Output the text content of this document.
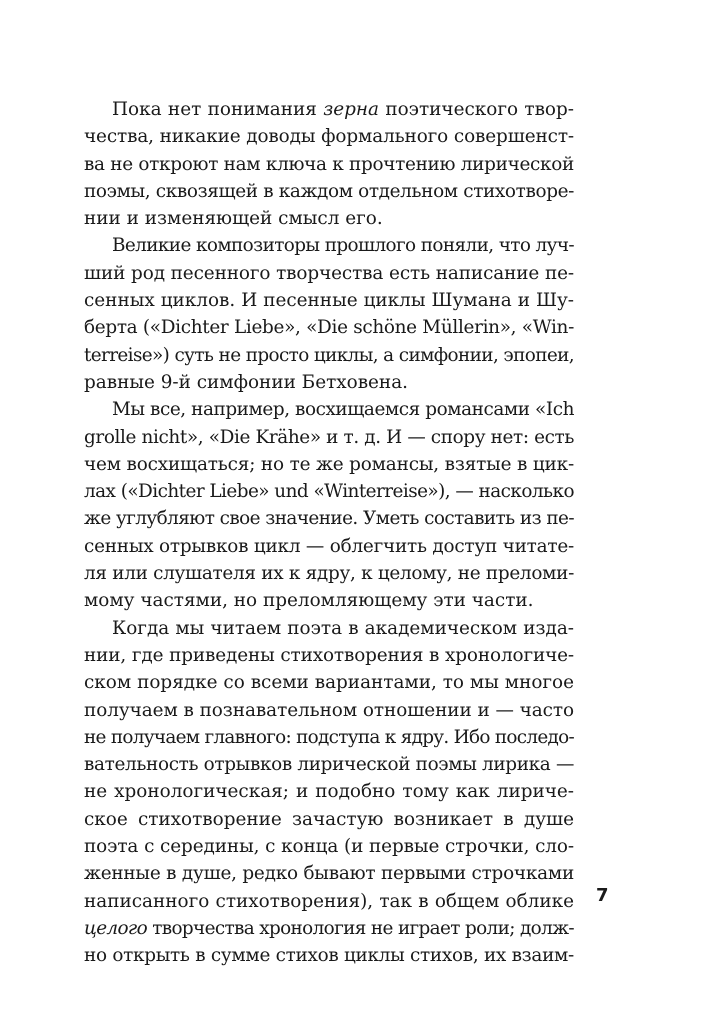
Пока нет понимания зерна поэтического твор-
чества, никакие доводы формального совершенст-
ва не откроют нам ключа к прочтению лирической
поэмы, сквозящей в каждом отдельном стихотворе-
нии и изменяющей смысл его.
Великие композиторы прошлого поняли, что луч-
ший род песенного творчества есть написание пе-
сенных циклов. И песенные циклы Шумана и Шу-
берта («Dichter Liebe», «Die schöne Müllerin», «Win-
terreise») суть не просто циклы, а симфонии, эпопеи,
равные 9-й симфонии Бетховена.
Мы все, например, восхищаемся романсами «Ich
grolle nicht», «Die Krähe» и т. д. И — спору нет: есть
чем восхищаться; но те же романсы, взятые в цик-
лах («Dichter Liebe» und «Winterreise»), — насколько
же углубляют свое значение. Уметь составить из пе-
сенных отрывков цикл — облегчить доступ читате-
ля или слушателя их к ядру, к целому, не преломи-
мому частями, но преломляющему эти части.
Когда мы читаем поэта в академическом изда-
нии, где приведены стихотворения в хронологиче-
ском порядке со всеми вариантами, то мы многое
получаем в познавательном отношении и — часто
не получаем главного: подступа к ядру. Ибо последо-
вательность отрывков лирической поэмы лирика —
не хронологическая; и подобно тому как лириче-
ское стихотворение зачастую возникает в душе
поэта с середины, с конца (и первые строчки, сло-
женные в душе, редко бывают первыми строчками
написанного стихотворения), так в общем облике
целого творчества хронология не играет роли; долж-
но открыть в сумме стихов циклы стихов, их взаим-
7
